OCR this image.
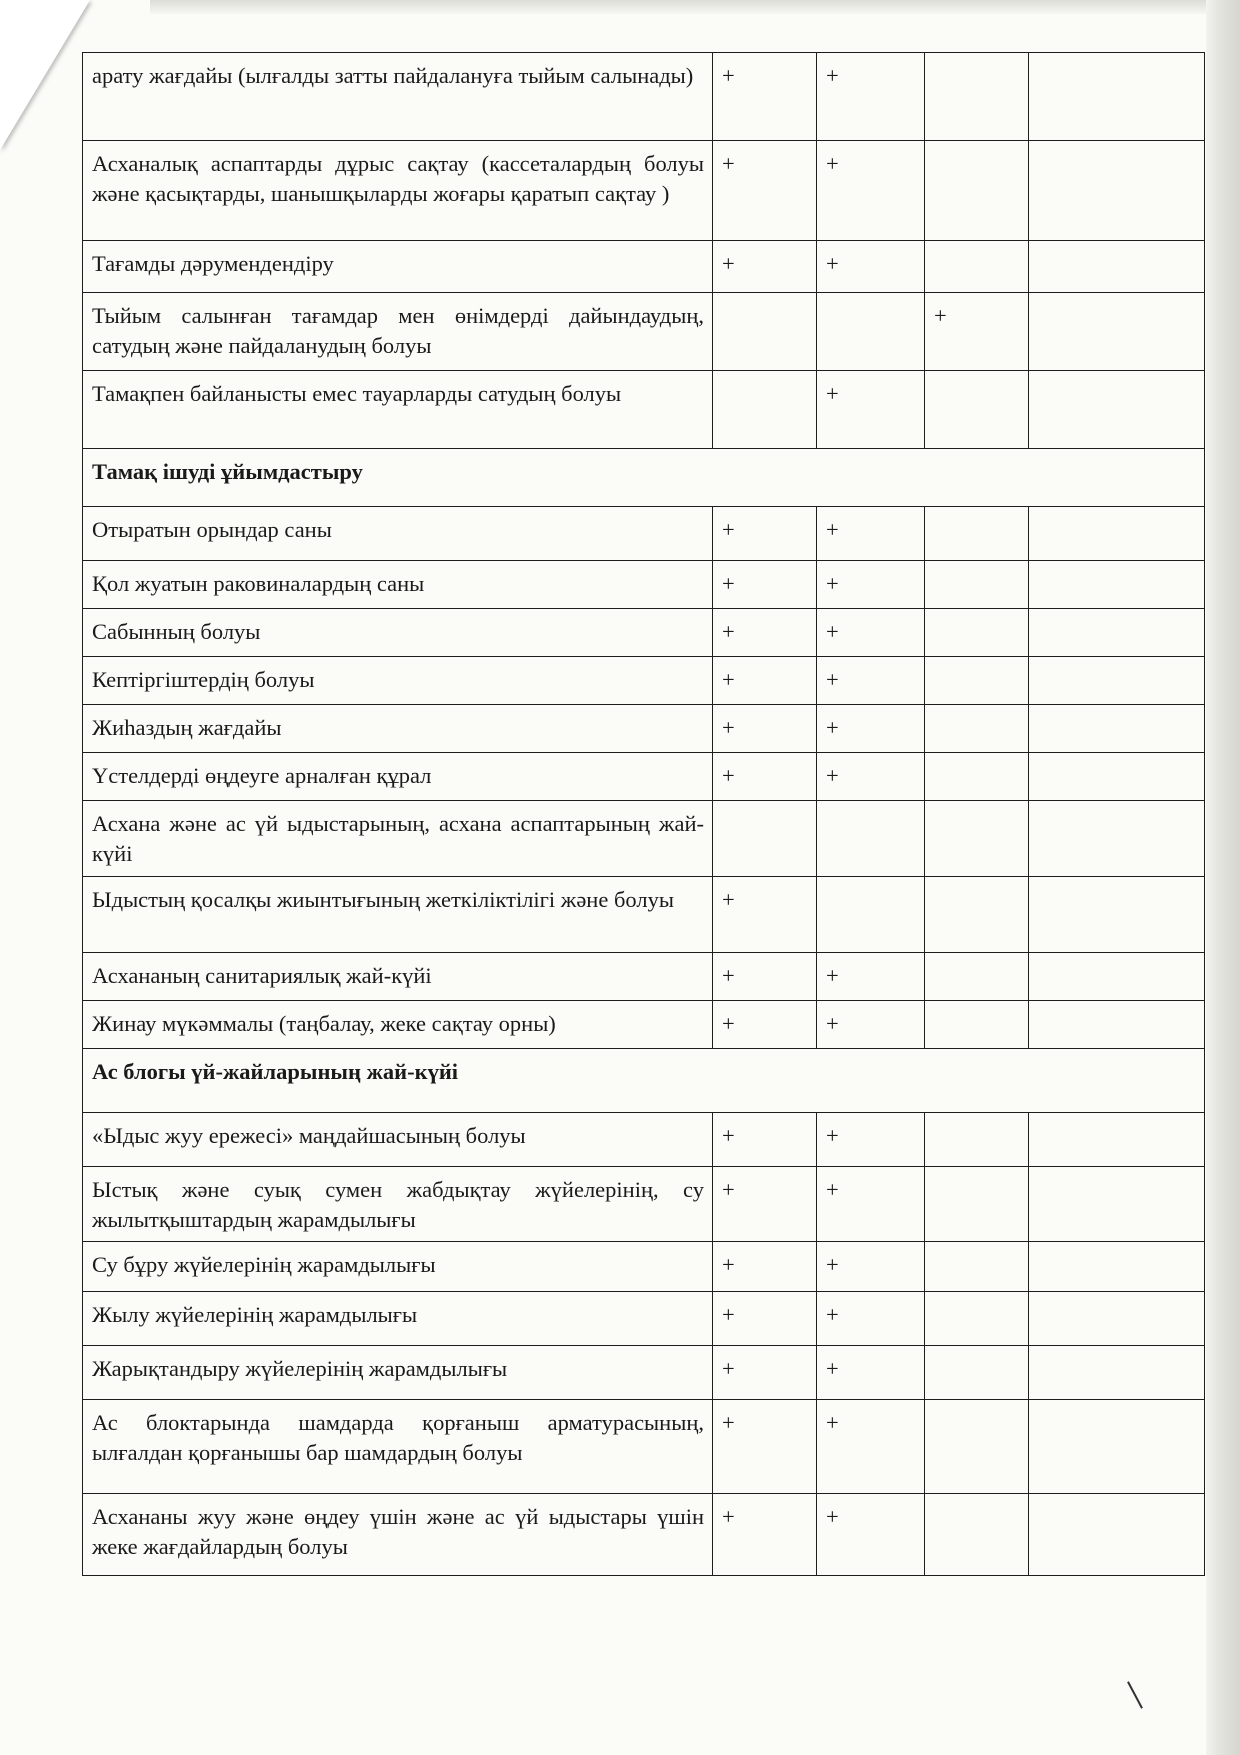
арату жағдайы (ылғалды затты пайдалануға тыйым салынады)	+	+		
Асханалық аспаптарды дұрыс сақтау (кассеталардың болуы және қасықтарды, шанышқыларды жоғары қаратып сақтау )	+	+		
Тағамды дәрумендендіру	+	+		
Тыйым салынған тағамдар мен өнімдерді дайындаудың, сатудың және пайдаланудың болуы			+	
Тамақпен байланысты емес тауарларды сатудың болуы		+		
Тамақ ішуді ұйымдастыру				
Отыратын орындар саны	+	+		
Қол жуатын раковиналардың саны	+	+		
Сабынның болуы	+	+		
Кептіргіштердің болуы	+	+		
Жиһаздың жағдайы	+	+		
Үстелдерді өңдеуге арналған құрал	+	+		
Асхана және ас үй ыдыстарының, асхана аспаптарының жай-күйі				
Ыдыстың қосалқы жиынтығының жеткіліктілігі және болуы	+			
Асхананың санитариялық жай-күйі	+	+		
Жинау мүкәммалы (таңбалау, жеке сақтау орны)	+	+		
Ас блогы үй-жайларының жай-күйі				
«Ыдыс жуу ережесі» маңдайшасының болуы	+	+		
Ыстық және суық сумен жабдықтау жүйелерінің, су жылытқыштардың жарамдылығы	+	+		
Су бұру жүйелерінің жарамдылығы	+	+		
Жылу жүйелерінің жарамдылығы	+	+		
Жарықтандыру жүйелерінің жарамдылығы	+	+		
Ас блоктарында шамдарда қорғаныш арматурасының, ылғалдан қорғанышы бар шамдардың болуы	+	+		
Асхананы жуу және өңдеу үшін және ас үй ыдыстары үшін жеке жағдайлардың болуы	+	+		
